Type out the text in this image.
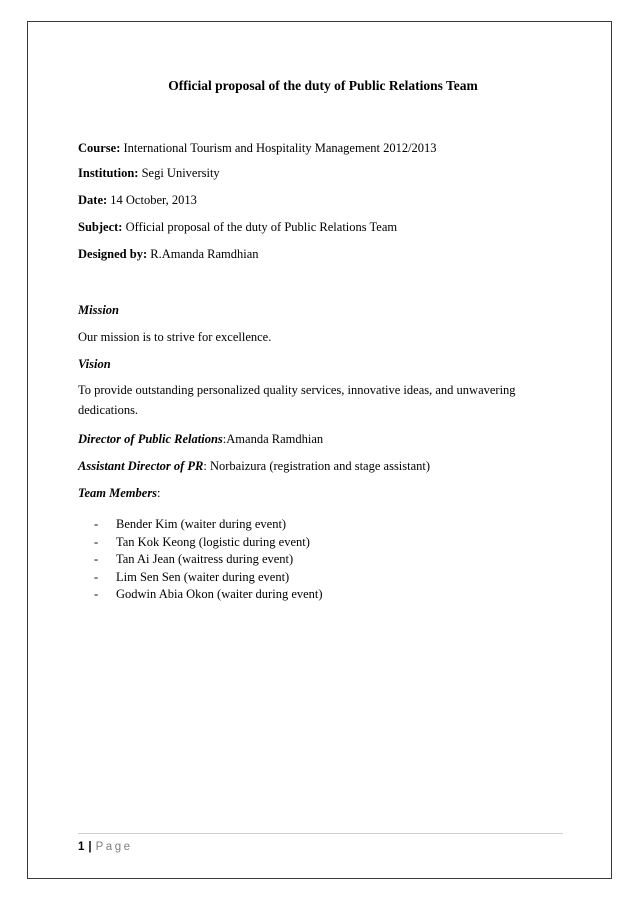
Official proposal of the duty of Public Relations Team

Course: International Tourism and Hospitality Management 2012/2013

Institution: Segi University

Date: 14 October, 2013

Subject: Official proposal of the duty of Public Relations Team

Designed by: R.Amanda Ramdhian

Mission

Our mission is to strive for excellence.

Vision

To provide outstanding personalized quality services, innovative ideas, and unwavering dedications.

Director of Public Relations:Amanda Ramdhian

Assistant Director of PR: Norbaizura (registration and stage assistant)

Team Members:

- Bender Kim (waiter during event)
- Tan Kok Keong (logistic during event)
- Tan Ai Jean (waitress during event)
- Lim Sen Sen (waiter during event)
- Godwin Abia Okon (waiter during event)
1 | Page
